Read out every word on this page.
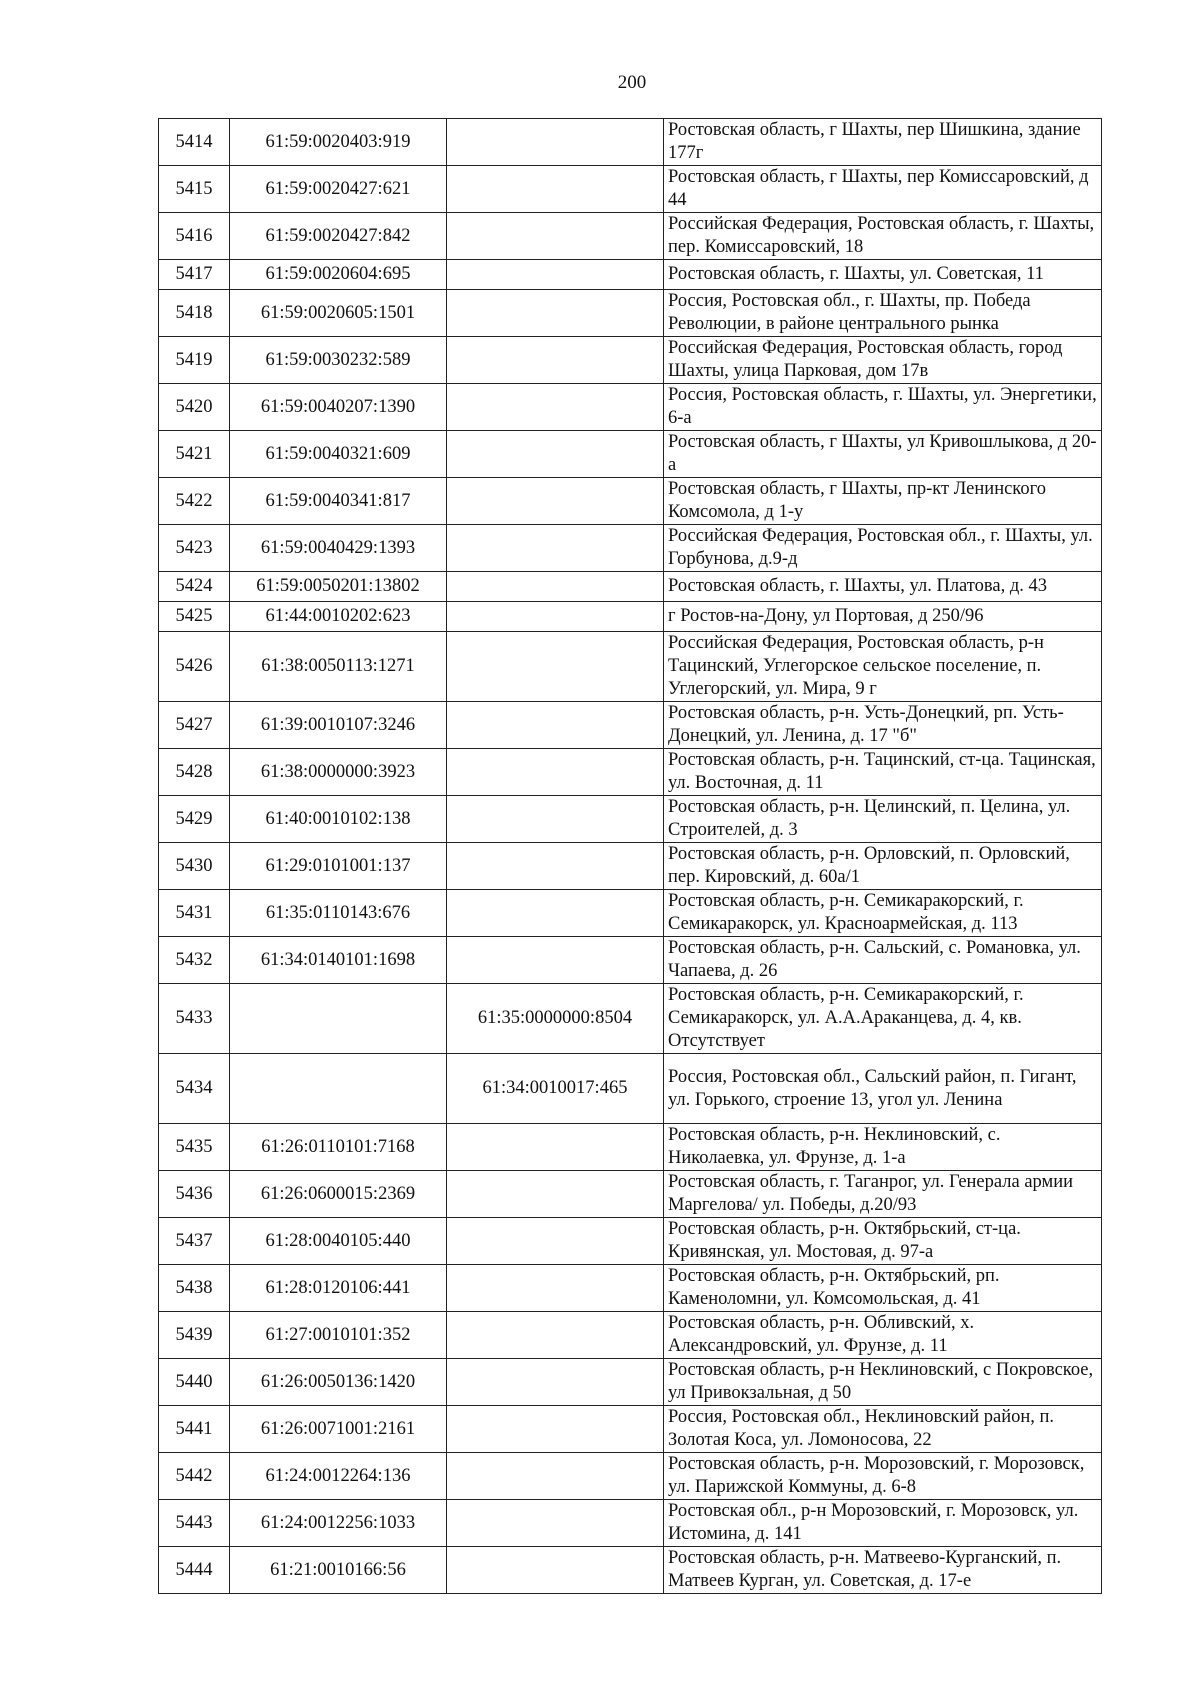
200
5414	61:59:0020403:919		Ростовская область, г Шахты, пер Шишкина, здание 177г
5415	61:59:0020427:621		Ростовская область, г Шахты, пер Комиссаровский, д 44
5416	61:59:0020427:842		Российская Федерация, Ростовская область, г. Шахты, пер. Комиссаровский, 18
5417	61:59:0020604:695		Ростовская область, г. Шахты, ул. Советская, 11
5418	61:59:0020605:1501		Россия, Ростовская обл., г. Шахты, пр. Победа Революции, в районе центрального рынка
5419	61:59:0030232:589		Российская Федерация, Ростовская область, город Шахты, улица Парковая, дом 17в
5420	61:59:0040207:1390		Россия, Ростовская область, г. Шахты, ул. Энергетики, 6-а
5421	61:59:0040321:609		Ростовская область, г Шахты, ул Кривошлыкова, д 20-а
5422	61:59:0040341:817		Ростовская область, г Шахты, пр-кт Ленинского Комсомола, д 1-у
5423	61:59:0040429:1393		Российская Федерация, Ростовская обл., г. Шахты, ул. Горбунова, д.9-д
5424	61:59:0050201:13802		Ростовская область, г. Шахты, ул. Платова, д. 43
5425	61:44:0010202:623		г Ростов-на-Дону, ул Портовая, д 250/96
5426	61:38:0050113:1271		Российская Федерация, Ростовская область, р-н Тацинский, Углегорское сельское поселение, п. Углегорский, ул. Мира, 9 г
5427	61:39:0010107:3246		Ростовская область, р-н. Усть-Донецкий, рп. Усть-Донецкий, ул. Ленина, д. 17 "б"
5428	61:38:0000000:3923		Ростовская область, р-н. Тацинский, ст-ца. Тацинская, ул. Восточная, д. 11
5429	61:40:0010102:138		Ростовская область, р-н. Целинский, п. Целина, ул. Строителей, д. 3
5430	61:29:0101001:137		Ростовская область, р-н. Орловский, п. Орловский, пер. Кировский, д. 60а/1
5431	61:35:0110143:676		Ростовская область, р-н. Семикаракорский, г. Семикаракорск, ул. Красноармейская, д. 113
5432	61:34:0140101:1698		Ростовская область, р-н. Сальский, с. Романовка, ул. Чапаева, д. 26
5433		61:35:0000000:8504	Ростовская область, р-н. Семикаракорский, г. Семикаракорск, ул. А.А.Араканцева, д. 4, кв. Отсутствует
5434		61:34:0010017:465	Россия, Ростовская обл., Сальский район, п. Гигант, ул. Горького, строение 13, угол ул. Ленина
5435	61:26:0110101:7168		Ростовская область, р-н. Неклиновский, с. Николаевка, ул. Фрунзе, д. 1-а
5436	61:26:0600015:2369		Ростовская область, г. Таганрог, ул. Генерала армии Маргелова/ ул. Победы, д.20/93
5437	61:28:0040105:440		Ростовская область, р-н. Октябрьский, ст-ца. Кривянская, ул. Мостовая, д. 97-а
5438	61:28:0120106:441		Ростовская область, р-н. Октябрьский, рп. Каменоломни, ул. Комсомольская, д. 41
5439	61:27:0010101:352		Ростовская область, р-н. Обливский, х. Александровский, ул. Фрунзе, д. 11
5440	61:26:0050136:1420		Ростовская область, р-н Неклиновский, с Покровское, ул Привокзальная, д 50
5441	61:26:0071001:2161		Россия, Ростовская обл., Неклиновский район, п. Золотая Коса, ул. Ломоносова, 22
5442	61:24:0012264:136		Ростовская область, р-н. Морозовский, г. Морозовск, ул. Парижской Коммуны, д. 6-8
5443	61:24:0012256:1033		Ростовская обл., р-н Морозовский, г. Морозовск, ул. Истомина, д. 141
5444	61:21:0010166:56		Ростовская область, р-н. Матвеево-Курганский, п. Матвеев Курган, ул. Советская, д. 17-е
